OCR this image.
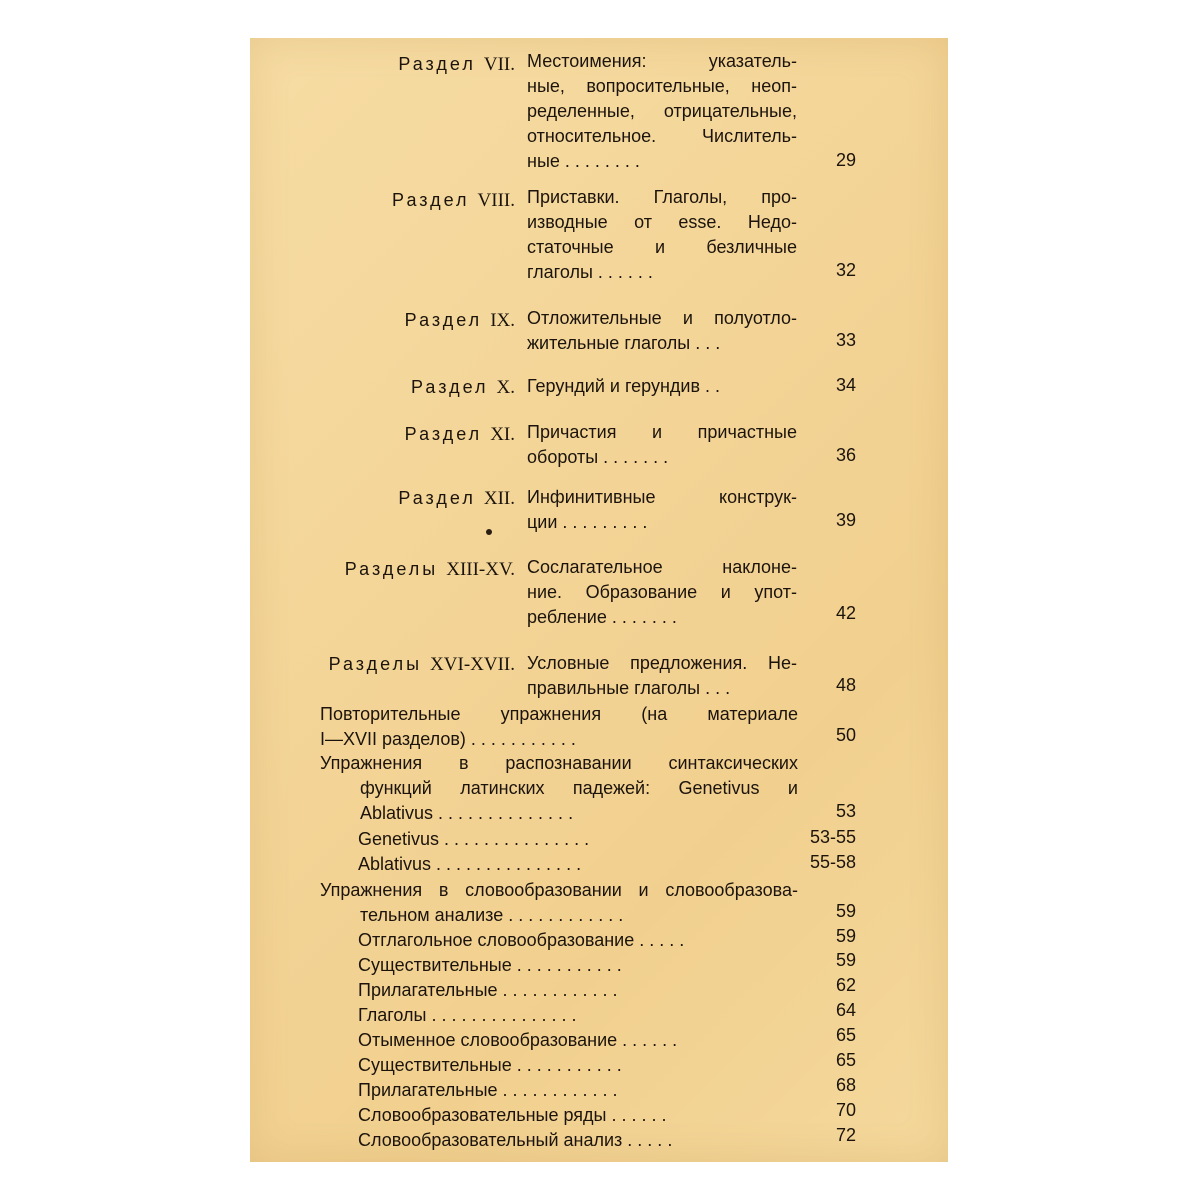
Раздел VII. Местоимения: указатель-
ные, вопросительные, неоп-
ределенные, отрицательные,
относительное. Числитель-
ные . . . . . . . .	29
Раздел VIII. Приставки. Глаголы, про-
изводные от esse. Недо-
статочные и безличные
глаголы . . . . . .	32
Раздел IX. Отложительные и полуотло-
жительные глаголы . . .	33
Раздел X. Герундий и герундив . .	34
Раздел XI. Причастия и причастные
обороты . . . . . . .	36
Раздел XII. Инфинитивные конструк-
ции . . . . . . . . .	39
Разделы XIII-XV. Сослагательное наклоне-
ние. Образование и упот-
ребление . . . . . . .	42
Разделы XVI-XVII. Условные предложения. Не-
правильные глаголы . . .	48
Повторительные упражнения (на материале
I—XVII разделов) . . . . . . . . . . .	50
Упражнения в распознавании синтаксических
функций латинских падежей: Genetivus и
Ablativus . . . . . . . . . . . . . .	53
Genetivus . . . . . . . . . . . . . . .	53-55
Ablativus . . . . . . . . . . . . . . .	55-58
Упражнения в словообразовании и словообразова-
тельном анализе . . . . . . . . . . . .	59
Отглагольное словообразование . . . . .	59
Существительные . . . . . . . . . . .	59
Прилагательные . . . . . . . . . . . .	62
Глаголы . . . . . . . . . . . . . . .	64
Отыменное словообразование . . . . . .	65
Существительные . . . . . . . . . . .	65
Прилагательные . . . . . . . . . . . .	68
Словообразовательные ряды . . . . . .	70
Словообразовательный анализ . . . . .	72
